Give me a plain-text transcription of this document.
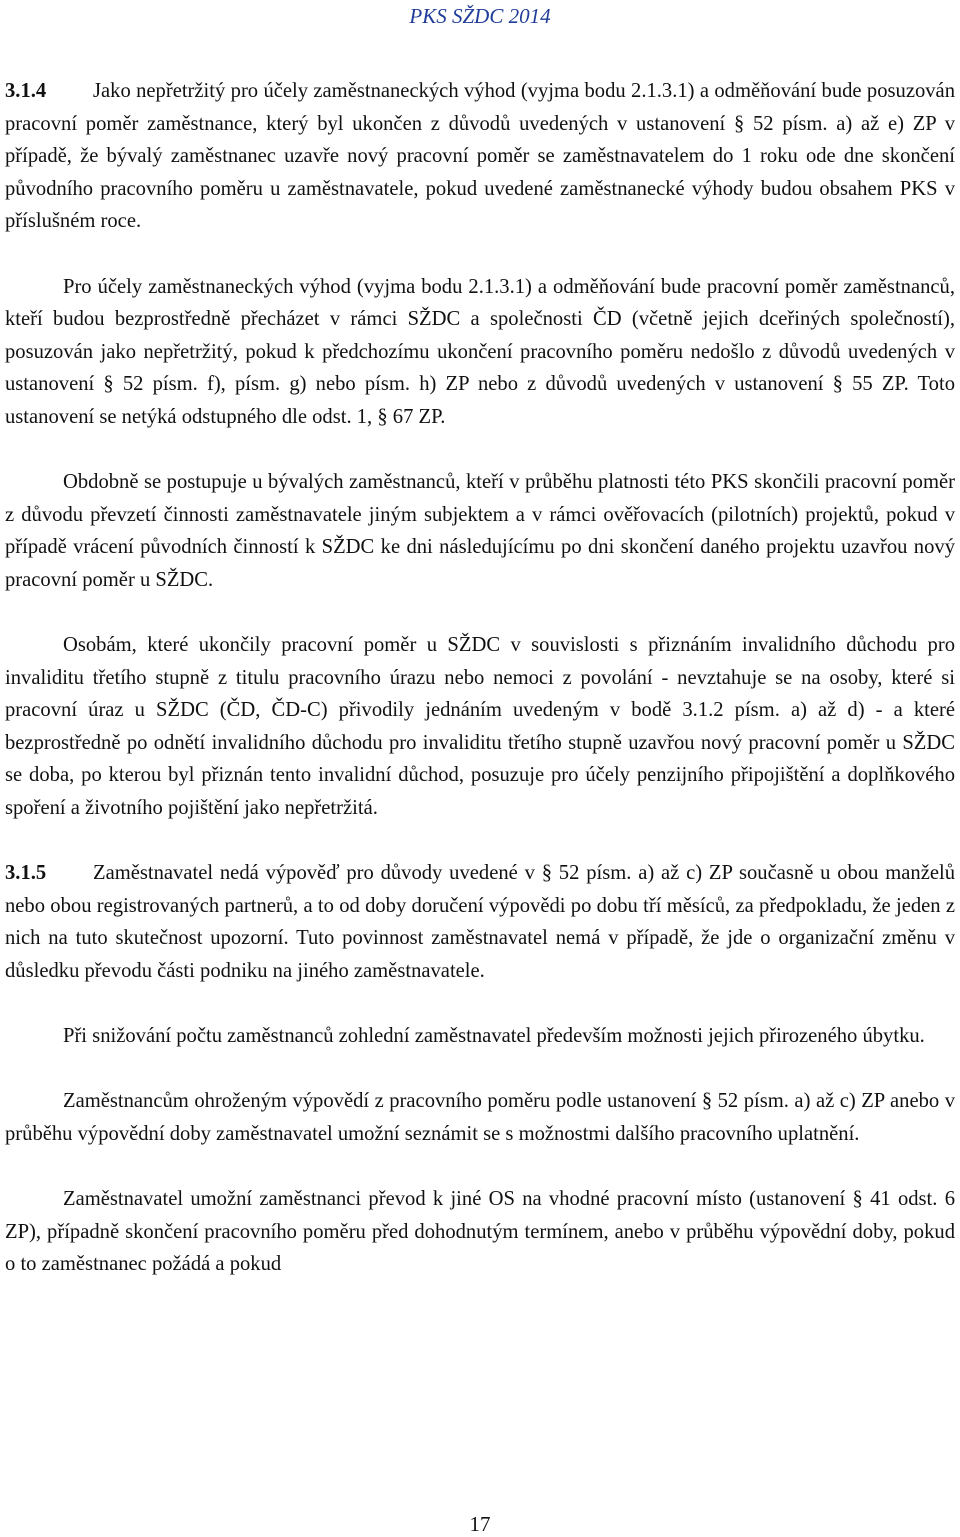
PKS SŽDC 2014

3.1.4 Jako nepřetržitý pro účely zaměstnaneckých výhod (vyjma bodu 2.1.3.1) a odměňování bude posuzován pracovní poměr zaměstnance, který byl ukončen z důvodů uvedených v ustanovení § 52 písm. a) až e) ZP v případě, že bývalý zaměstnanec uzavře nový pracovní poměr se zaměstnavatelem do 1 roku ode dne skončení původního pracovního poměru u zaměstnavatele, pokud uvedené zaměstnanecké výhody budou obsahem PKS v příslušném roce.

Pro účely zaměstnaneckých výhod (vyjma bodu 2.1.3.1) a odměňování bude pracovní poměr zaměstnanců, kteří budou bezprostředně přecházet v rámci SŽDC a společnosti ČD (včetně jejich dceřiných společností), posuzován jako nepřetržitý, pokud k předchozímu ukončení pracovního poměru nedošlo z důvodů uvedených v ustanovení § 52 písm. f), písm. g) nebo písm. h) ZP nebo z důvodů uvedených v ustanovení § 55 ZP. Toto ustanovení se netýká odstupného dle odst. 1, § 67 ZP.

Obdobně se postupuje u bývalých zaměstnanců, kteří v průběhu platnosti této PKS skončili pracovní poměr z důvodu převzetí činnosti zaměstnavatele jiným subjektem a v rámci ověřovacích (pilotních) projektů, pokud v případě vrácení původních činností k SŽDC ke dni následujícímu po dni skončení daného projektu uzavřou nový pracovní poměr u SŽDC.

Osobám, které ukončily pracovní poměr u SŽDC v souvislosti s přiznáním invalidního důchodu pro invaliditu třetího stupně z titulu pracovního úrazu nebo nemoci z povolání - nevztahuje se na osoby, které si pracovní úraz u SŽDC (ČD, ČD-C) přivodily jednáním uvedeným v bodě 3.1.2 písm. a) až d) - a které bezprostředně po odnětí invalidního důchodu pro invaliditu třetího stupně uzavřou nový pracovní poměr u SŽDC se doba, po kterou byl přiznán tento invalidní důchod, posuzuje pro účely penzijního připojištění a doplňkového spoření a životního pojištění jako nepřetržitá.

3.1.5 Zaměstnavatel nedá výpověď pro důvody uvedené v § 52 písm. a) až c) ZP současně u obou manželů nebo obou registrovaných partnerů, a to od doby doručení výpovědi po dobu tří měsíců, za předpokladu, že jeden z nich na tuto skutečnost upozorní. Tuto povinnost zaměstnavatel nemá v případě, že jde o organizační změnu v důsledku převodu části podniku na jiného zaměstnavatele.

Při snižování počtu zaměstnanců zohlední zaměstnavatel především možnosti jejich přirozeného úbytku.

Zaměstnancům ohroženým výpovědí z pracovního poměru podle ustanovení § 52 písm. a) až c) ZP anebo v průběhu výpovědní doby zaměstnavatel umožní seznámit se s možnostmi dalšího pracovního uplatnění.

Zaměstnavatel umožní zaměstnanci převod k jiné OS na vhodné pracovní místo (ustanovení § 41 odst. 6 ZP), případně skončení pracovního poměru před dohodnutým termínem, anebo v průběhu výpovědní doby, pokud o to zaměstnanec požádá a pokud

17
